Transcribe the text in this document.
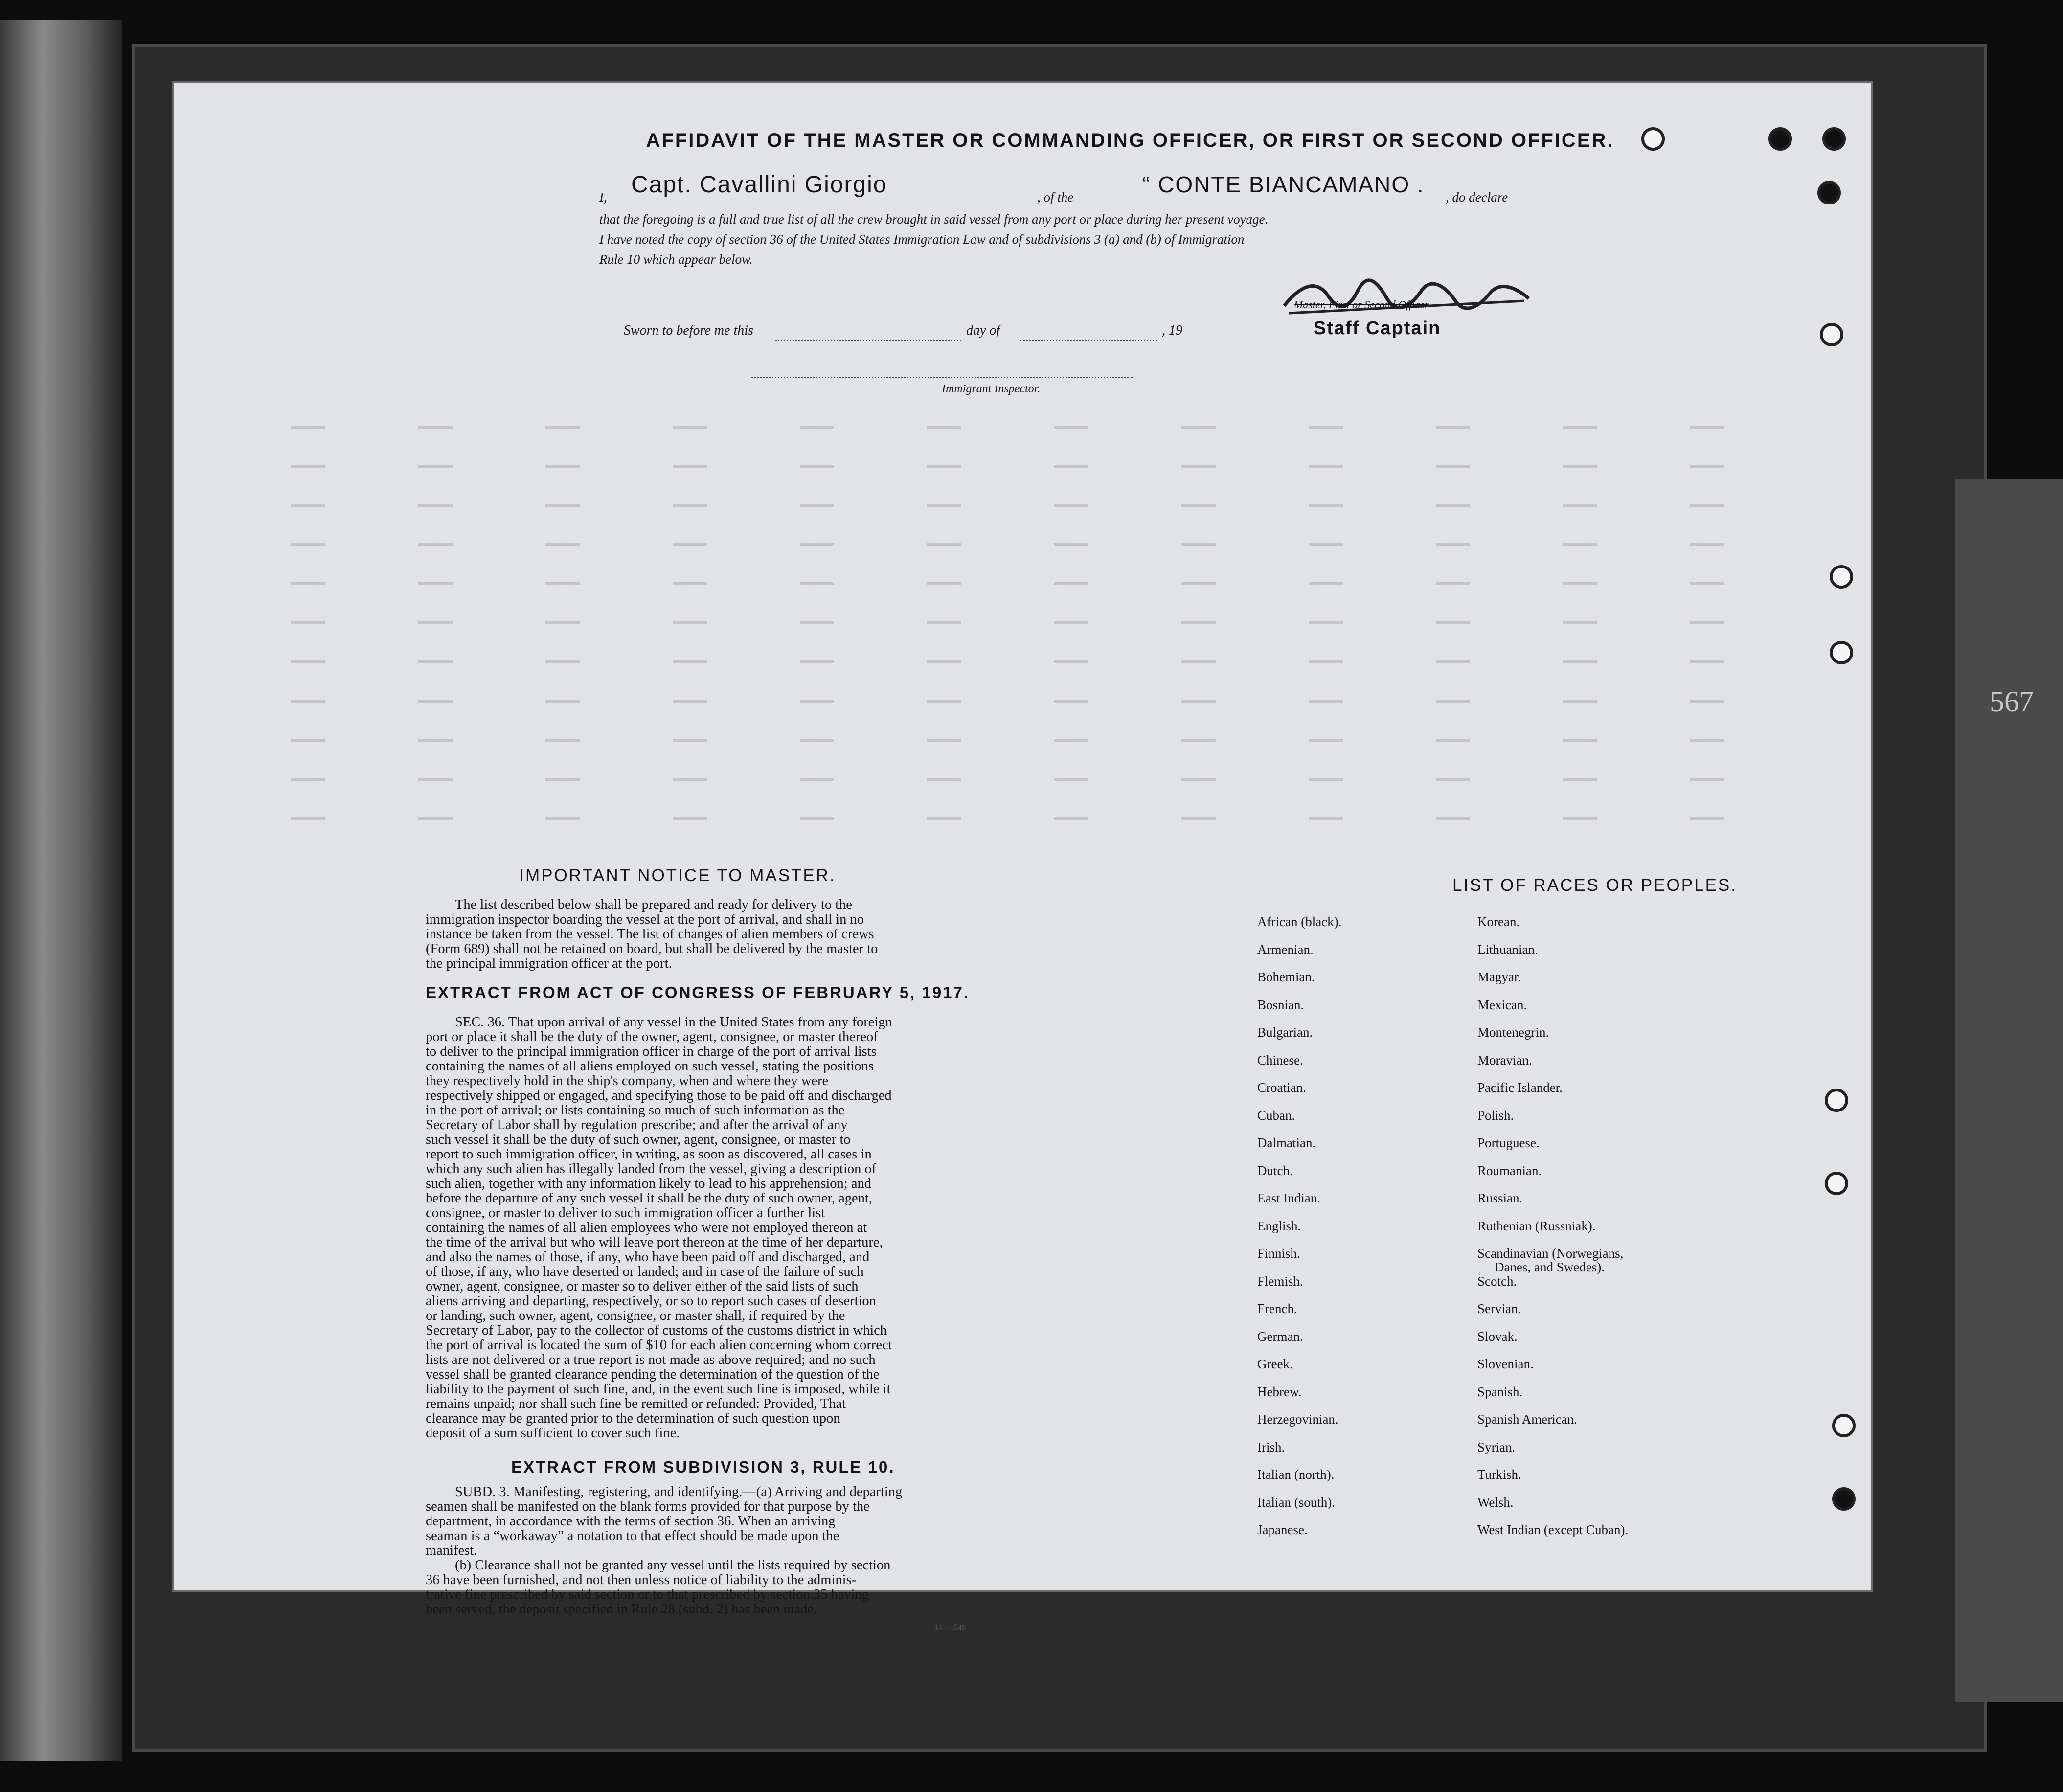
567
AFFIDAVIT OF THE MASTER OR COMMANDING OFFICER, OR FIRST OR SECOND OFFICER.
I, Capt. Cavallini Giorgio	, of the	“ CONTE BIANCAMANO . , do declare
that the foregoing is a full and true list of all the crew brought in said vessel from any port or place during her present voyage.
I have noted the copy of section 36 of the United States Immigration Law and of subdivisions 3 (a) and (b) of Immigration
Rule 10 which appear below.
Master, First or Second Officer
Staff Captain
Sworn to before me this	day of	, 19
Immigrant Inspector.
IMPORTANT NOTICE TO MASTER.
The list described below shall be prepared and ready for delivery to the
immigration inspector boarding the vessel at the port of arrival, and shall in no
instance be taken from the vessel. The list of changes of alien members of crews
(Form 689) shall not be retained on board, but shall be delivered by the master to
the principal immigration officer at the port.
EXTRACT FROM ACT OF CONGRESS OF FEBRUARY 5, 1917.
SEC. 36. That upon arrival of any vessel in the United States from any foreign
port or place it shall be the duty of the owner, agent, consignee, or master thereof
to deliver to the principal immigration officer in charge of the port of arrival lists
containing the names of all aliens employed on such vessel, stating the positions
they respectively hold in the ship's company, when and where they were
respectively shipped or engaged, and specifying those to be paid off and discharged
in the port of arrival; or lists containing so much of such information as the
Secretary of Labor shall by regulation prescribe; and after the arrival of any
such vessel it shall be the duty of such owner, agent, consignee, or master to
report to such immigration officer, in writing, as soon as discovered, all cases in
which any such alien has illegally landed from the vessel, giving a description of
such alien, together with any information likely to lead to his apprehension; and
before the departure of any such vessel it shall be the duty of such owner, agent,
consignee, or master to deliver to such immigration officer a further list
containing the names of all alien employees who were not employed thereon at
the time of the arrival but who will leave port thereon at the time of her departure,
and also the names of those, if any, who have been paid off and discharged, and
of those, if any, who have deserted or landed; and in case of the failure of such
owner, agent, consignee, or master so to deliver either of the said lists of such
aliens arriving and departing, respectively, or so to report such cases of desertion
or landing, such owner, agent, consignee, or master shall, if required by the
Secretary of Labor, pay to the collector of customs of the customs district in which
the port of arrival is located the sum of $10 for each alien concerning whom correct
lists are not delivered or a true report is not made as above required; and no such
vessel shall be granted clearance pending the determination of the question of the
liability to the payment of such fine, and, in the event such fine is imposed, while it
remains unpaid; nor shall such fine be remitted or refunded: Provided, That
clearance may be granted prior to the determination of such question upon
deposit of a sum sufficient to cover such fine.
EXTRACT FROM SUBDIVISION 3, RULE 10.
SUBD. 3. Manifesting, registering, and identifying.—(a) Arriving and departing
seamen shall be manifested on the blank forms provided for that purpose by the
department, in accordance with the terms of section 36. When an arriving
seaman is a “workaway” a notation to that effect should be made upon the
manifest.
(b) Clearance shall not be granted any vessel until the lists required by section
36 have been furnished, and not then unless notice of liability to the adminis-
trative fine prescribed by said section or to that prescribed by section 35 having
been served, the deposit specified in Rule 28 (subd. 2) has been made.
14—1549
LIST OF RACES OR PEOPLES.
African (black).
Armenian.
Bohemian.
Bosnian.
Bulgarian.
Chinese.
Croatian.
Cuban.
Dalmatian.
Dutch.
East Indian.
English.
Finnish.
Flemish.
French.
German.
Greek.
Hebrew.
Herzegovinian.
Irish.
Italian (north).
Italian (south).
Japanese.
Korean.
Lithuanian.
Magyar.
Mexican.
Montenegrin.
Moravian.
Pacific Islander.
Polish.
Portuguese.
Roumanian.
Russian.
Ruthenian (Russniak).
Scandinavian (Norwegians,
Danes, and Swedes).
Scotch.
Servian.
Slovak.
Slovenian.
Spanish.
Spanish American.
Syrian.
Turkish.
Welsh.
West Indian (except Cuban).
